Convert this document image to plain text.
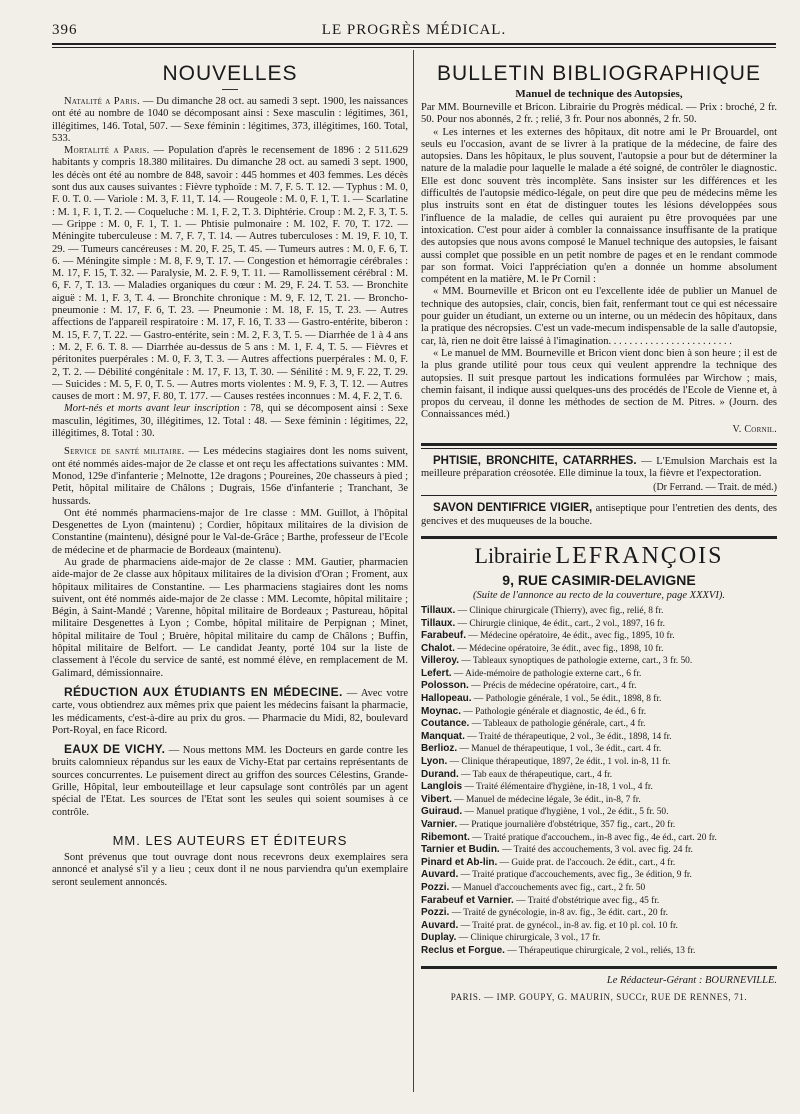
396	LE PROGRÈS MÉDICAL.
NOUVELLES

Natalité a Paris. — Du dimanche 28 oct. au samedi 3 sept. 1900, les naissances ont été au nombre de 1040 se décomposant ainsi : Sexe masculin : légitimes, 361, illégitimes, 146. Total, 507. — Sexe féminin : légitimes, 373, illégitimes, 160. Total, 533.

Mortalité a Paris. — Population d'après le recensement de 1896 : 2 511.629 habitants y compris 18.380 militaires. Du dimanche 28 oct. au samedi 3 sept. 1900, les décès ont été au nombre de 848, savoir : 445 hommes et 403 femmes. Les décès sont dus aux causes suivantes : Fièvre typhoïde : M. 7, F. 5. T. 12. — Typhus : M. 0, F. 0. T. 0. — Variole : M. 3, F. 11, T. 14. — Rougeole : M. 0, F. 1, T. 1. — Scarlatine : M. 1, F. 1, T. 2. — Coqueluche : M. 1, F. 2, T. 3. Diphtérie. Croup : M. 2, F. 3, T. 5. — Grippe : M. 0, F. 1, T. 1. — Phtisie pulmonaire : M. 102, F. 70, T. 172. — Méningite tuberculeuse : M. 7, F. 7, T. 14. — Autres tuberculoses : M. 19, F. 10, T. 29. — Tumeurs cancéreuses : M. 20, F. 25, T. 45. — Tumeurs autres : M. 0, F. 6, T. 6. — Méningite simple : M. 8, F. 9, T. 17. — Congestion et hémorragie cérébrales : M. 17, F. 15, T. 32. — Paralysie, M. 2. F. 9, T. 11. — Ramollissement cérébral : M. 6, F. 7, T. 13. — Maladies organiques du cœur : M. 29, F. 24. T. 53. — Bronchite aiguë : M. 1, F. 3, T. 4. — Bronchite chronique : M. 9, F. 12, T. 21. — Broncho-pneumonie : M. 17, F. 6, T. 23. — Pneumonie : M. 18, F. 15, T. 23. — Autres affections de l'appareil respiratoire : M. 17, F. 16, T. 33 — Gastro-entérite, biberon : M. 15, F. 7, T. 22. — Gastro-entérite, sein : M. 2, F. 3, T. 5. — Diarrhée de 1 à 4 ans : M. 2, F. 6. T. 8. — Diarrhée au-dessus de 5 ans : M. 1, F. 4, T. 5. — Fièvres et péritonites puerpérales : M. 0, F. 3, T. 3. — Autres affections puerpérales : M. 0, F. 2, T. 2. — Débilité congénitale : M. 17, F. 13, T. 30. — Sénilité : M. 9, F. 22, T. 29. — Suicides : M. 5, F. 0, T. 5. — Autres morts violentes : M. 9, F. 3, T. 12. — Autres causes de mort : M. 97, F. 80, T. 177. — Causes restées inconnues : M. 4, F. 2, T. 6.

Mort-nés et morts avant leur inscription : 78, qui se décomposent ainsi : Sexe masculin, légitimes, 30, illégitimes, 12. Total : 48. — Sexe féminin : légitimes, 22, illégitimes, 8. Total : 30.

Service de santé militaire. — Les médecins stagiaires dont les noms suivent, ont été nommés aides-major de 2e classe et ont reçu les affectations suivantes : MM. Monod, 129e d'infanterie ; Melnotte, 12e dragons ; Poureines, 20e chasseurs à pied ; Petit, hôpital militaire de Châlons ; Dugrais, 156e d'infanterie ; Tranchant, 3e hussards.

Ont été nommés pharmaciens-major de 1re classe : MM. Guillot, à l'hôpital Desgenettes de Lyon (maintenu) ; Cordier, hôpitaux militaires de la division de Constantine (maintenu), désigné pour le Val-de-Grâce ; Barthe, professeur de l'Ecole de médecine et de pharmacie de Bordeaux (maintenu).

Au grade de pharmaciens aide-major de 2e classe : MM. Gautier, pharmacien aide-major de 2e classe aux hôpitaux militaires de la division d'Oran ; Froment, aux hôpitaux militaires de Constantine. — Les pharmaciens stagiaires dont les noms suivent, ont été nommés aide-major de 2e classe : MM. Lecomte, hôpital militaire ; Bégin, à Saint-Mandé ; Varenne, hôpital militaire de Bordeaux ; Pastureau, hôpital militaire Desgenettes à Lyon ; Combe, hôpital militaire de Perpignan ; Minet, hôpital militaire de Toul ; Bruère, hôpital militaire du camp de Châlons ; Buffin, hôpital militaire de Belfort. — Le candidat Jeanty, porté 104 sur la liste de classement à l'école du service de santé, est nommé élève, en remplacement de M. Galimard, démissionnaire.

RÉDUCTION AUX ÉTUDIANTS EN MÉDECINE. — Avec votre carte, vous obtiendrez aux mêmes prix que paient les médecins faisant la pharmacie, les médicaments, c'est-à-dire au prix du gros. — Pharmacie du Midi, 82, boulevard Port-Royal, en face Ricord.

EAUX DE VICHY. — Nous mettons MM. les Docteurs en garde contre les bruits calomnieux répandus sur les eaux de Vichy-Etat par certains représentants de sources concurrentes. Le puisement direct au griffon des sources Célestins, Grande-Grille, Hôpital, leur embouteillage et leur capsulage sont contrôlés par un agent spécial de l'Etat. Les sources de l'Etat sont les seules qui soient soumises à ce contrôle.

MM. LES AUTEURS ET ÉDITEURS

Sont prévenus que tout ouvrage dont nous recevrons deux exemplaires sera annoncé et analysé s'il y a lieu ; ceux dont il ne nous parviendra qu'un exemplaire seront seulement annoncés.

BULLETIN BIBLIOGRAPHIQUE
Manuel de technique des Autopsies,

Par MM. Bourneville et Bricon. Librairie du Progrès médical. — Prix : broché, 2 fr. 50. Pour nos abonnés, 2 fr. ; relié, 3 fr. Pour nos abonnés, 2 fr. 50.

« Les internes et les externes des hôpitaux, dit notre ami le Pr Brouardel, ont seuls eu l'occasion, avant de se livrer à la pratique de la médecine, de faire des autopsies. Dans les hôpitaux, le plus souvent, l'autopsie a pour but de déterminer la nature de la maladie pour laquelle le malade a été soigné, de contrôler le diagnostic. Elle est donc souvent très incomplète. Sans insister sur les différences et les difficultés de l'autopsie médico-légale, on peut dire que peu de médecins même les plus instruits sont en état de distinguer toutes les lésions développées sous l'influence de la maladie, de celles qui auraient pu être provoquées par une intoxication. C'est pour aider à combler la connaissance insuffisante de la pratique des autopsies que nous avons composé le Manuel technique des autopsies, le faisant aussi complet que possible en un petit nombre de pages et en le rendant commode par son format. Voici l'appréciation qu'en a donnée un homme absolument compétent en la matière, M. le Pr Cornil :

« MM. Bourneville et Bricon ont eu l'excellente idée de publier un Manuel de technique des autopsies, clair, concis, bien fait, renfermant tout ce qui est nécessaire pour guider un étudiant, un externe ou un interne, ou un médecin des hôpitaux, dans la pratique des nécropsies. C'est un vade-mecum indispensable de la salle d'autopsie, car, là, rien ne doit être laissé à l'imagination. . . . . . . . . . . . . . . . . . . . . . . .

« Le manuel de MM. Bourneville et Bricon vient donc bien à son heure ; il est de la plus grande utilité pour tous ceux qui veulent apprendre la technique des autopsies. Il suit presque partout les indications formulées par Wirchow ; mais, chemin faisant, il indique aussi quelques-uns des procédés de l'Ecole de Vienne et, à propos du cerveau, il donne les méthodes de section de M. Pitres. » (Journ. des Connaissances méd.)

V. Cornil.

PHTISIE, BRONCHITE, CATARRHES. — L'Emulsion Marchais est la meilleure préparation créosotée. Elle diminue la toux, la fièvre et l'expectoration.

(Dr Ferrand. — Trait. de méd.)

SAVON DENTIFRICE VIGIER, antiseptique pour l'entretien des dents, des gencives et des muqueuses de la bouche.

Librairie LEFRANÇOIS
9, RUE CASIMIR-DELAVIGNE
(Suite de l'annonce au recto de la couverture, page XXXVI).
Tillaux. — Clinique chirurgicale (Thierry), avec fig., relié, 8 fr.
Tillaux. — Chirurgie clinique, 4e édit., cart., 2 vol., 1897, 16 fr.
Farabeuf. — Médecine opératoire, 4e édit., avec fig., 1895, 10 fr.
Chalot. — Médecine opératoire, 3e édit., avec fig., 1898, 10 fr.
Villeroy. — Tableaux synoptiques de pathologie externe, cart., 3 fr. 50.
Lefert. — Aide-mémoire de pathologie externe cart., 6 fr.
Polosson. — Précis de médecine opératoire, cart., 4 fr.
Hallopeau. — Pathologie générale, 1 vol., 5e édit., 1898, 8 fr.
Moynac. — Pathologie générale et diagnostic, 4e éd., 6 fr.
Coutance. — Tableaux de pathologie générale, cart., 4 fr.
Manquat. — Traité de thérapeutique, 2 vol., 3e édit., 1898, 14 fr.
Berlioz. — Manuel de thérapeutique, 1 vol., 3e édit., cart. 4 fr.
Lyon. — Clinique thérapeutique, 1897, 2e édit., 1 vol. in-8, 11 fr.
Durand. — Tab eaux de thérapeutique, cart., 4 fr.
Langlois — Traité élémentaire d'hygiène, in-18, 1 vol., 4 fr.
Vibert. — Manuel de médecine légale, 3e édit., in-8, 7 fr.
Guiraud. — Manuel pratique d'hygiène, 1 vol., 2e édit., 5 fr. 50.
Varnier. — Pratique journalière d'obstétrique, 357 fig., cart., 20 fr.
Ribemont. — Traité pratique d'accouchem., in-8 avec fig., 4e éd., cart. 20 fr.
Tarnier et Budin. — Traité des accouchements, 3 vol. avec fig. 24 fr.
Pinard et Ab-lin. — Guide prat. de l'accouch. 2e édit., cart., 4 fr.
Auvard. — Traité pratique d'accouchements, avec fig., 3e édition, 9 fr.
Pozzi. — Manuel d'accouchements avec fig., cart., 2 fr. 50
Farabeuf et Varnier. — Traité d'obstétrique avec fig., 45 fr.
Pozzi. — Traité de gynécologie, in-8 av. fig., 3e édit. cart., 20 fr.
Auvard. — Traité prat. de gynécol., in-8 av. fig. et 10 pl. col. 10 fr.
Duplay. — Clinique chirurgicale, 3 vol., 17 fr.
Reclus et Forgue. — Thérapeutique chirurgicale, 2 vol., reliés, 13 fr.
Le Rédacteur-Gérant : BOURNEVILLE.
PARIS. — IMP. GOUPY, G. MAURIN, SUCCr, RUE DE RENNES, 71.
